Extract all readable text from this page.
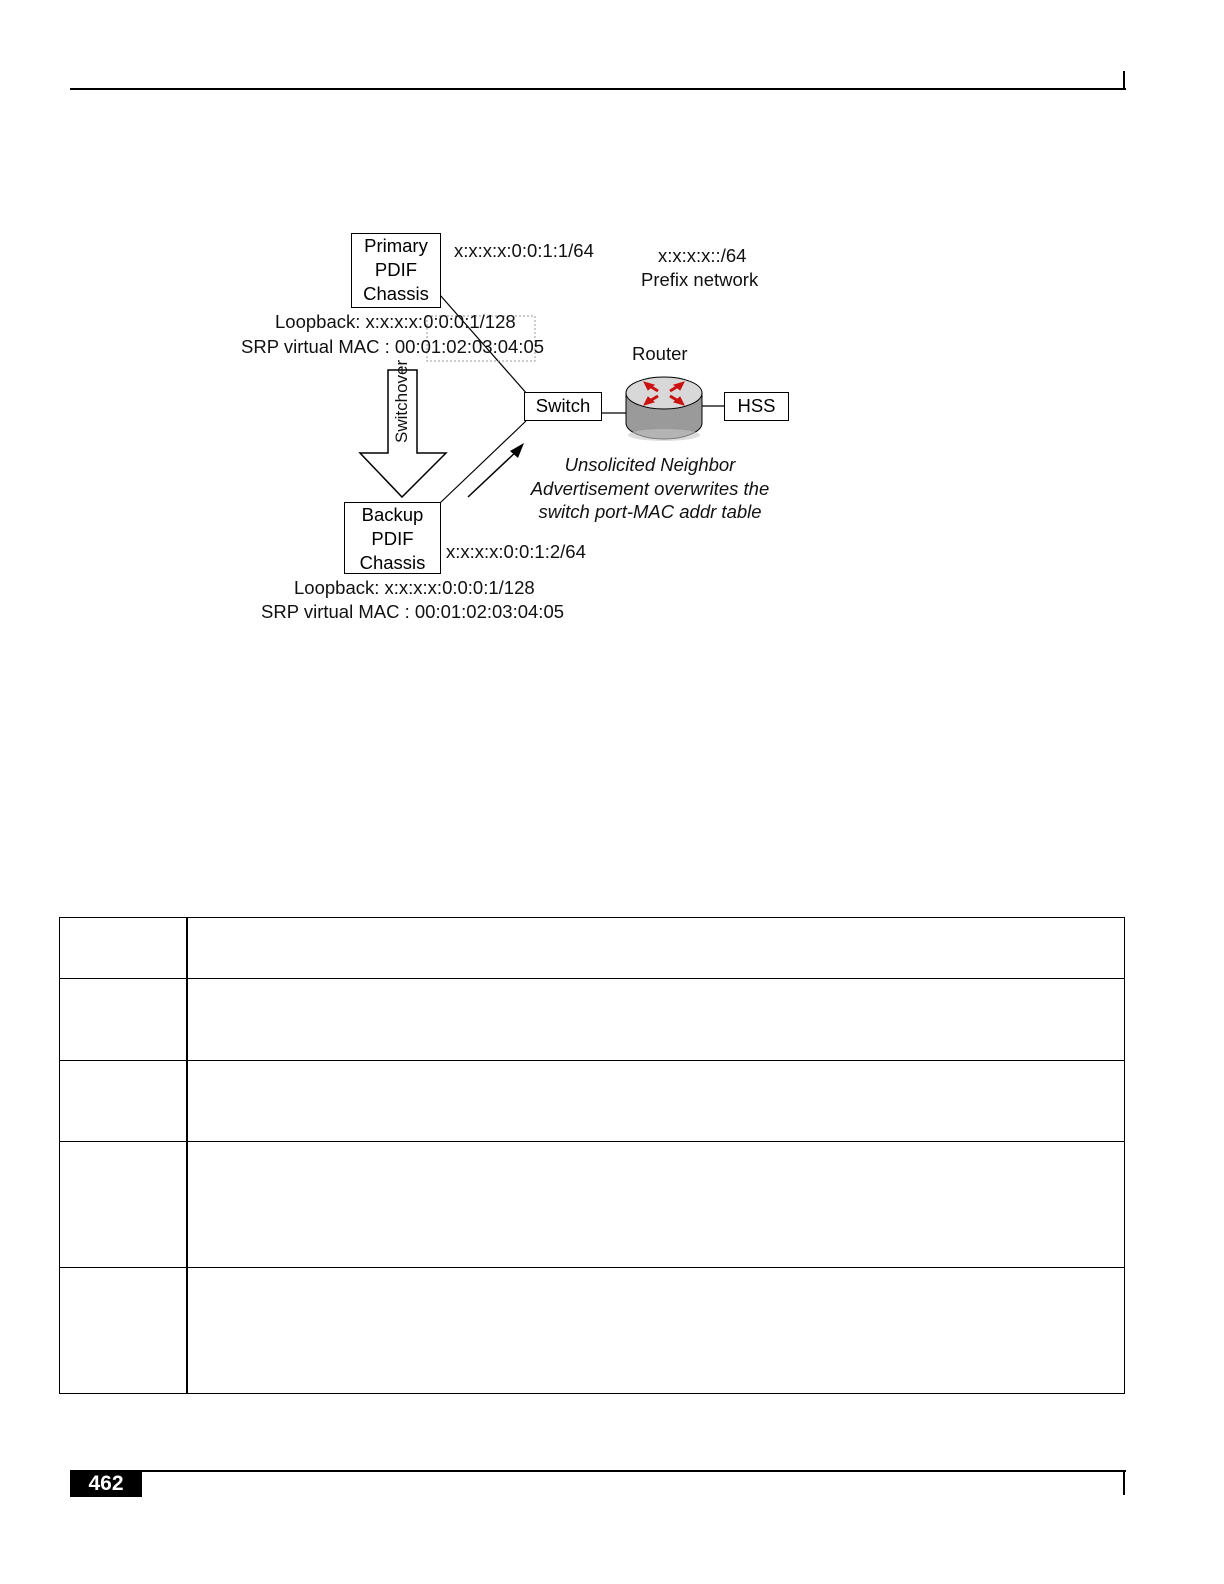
Primary
PDIF
Chassis
Backup
PDIF
Chassis
Switch	HSS
x:x:x:x:0:0:1:1/64	x:x:x:x::/64
Prefix network
Loopback: x:x:x:x:0:0:0:1/128
SRP virtual MAC : 00:01:02:03:04:05	Router
Switchover
Unsolicited Neighbor
Advertisement overwrites the
switch port-MAC addr table
x:x:x:x:0:0:1:2/64
Loopback: x:x:x:x:0:0:0:1/128
SRP virtual MAC : 00:01:02:03:04:05
462
